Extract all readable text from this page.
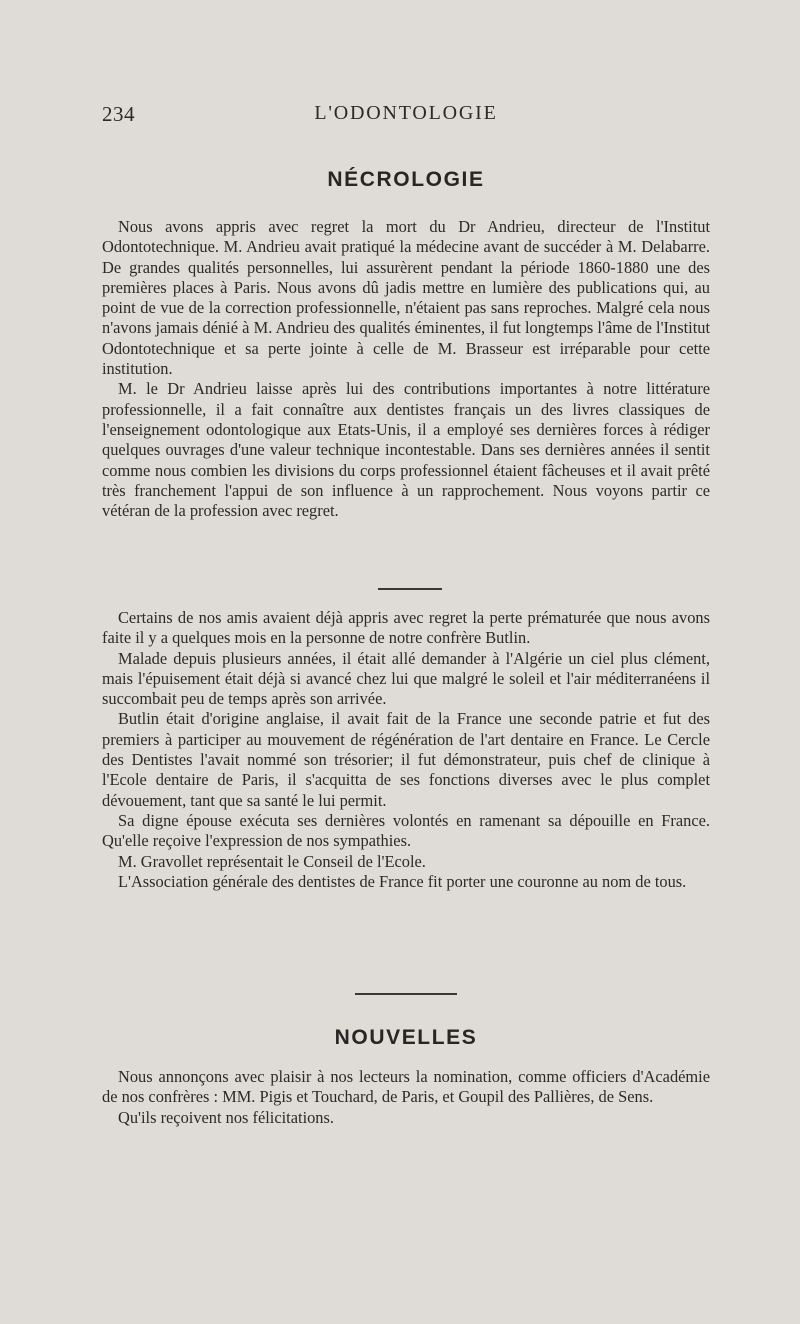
234	L'ODONTOLOGIE
NÉCROLOGIE

Nous avons appris avec regret la mort du Dr Andrieu, directeur de l'Institut Odontotechnique. M. Andrieu avait pratiqué la médecine avant de succéder à M. Delabarre. De grandes qualités personnelles, lui assurèrent pendant la période 1860-1880 une des premières places à Paris. Nous avons dû jadis mettre en lumière des publications qui, au point de vue de la correction professionnelle, n'étaient pas sans reproches. Malgré cela nous n'avons jamais dénié à M. Andrieu des qualités éminentes, il fut longtemps l'âme de l'Institut Odontotechnique et sa perte jointe à celle de M. Brasseur est irréparable pour cette institution.

M. le Dr Andrieu laisse après lui des contributions importantes à notre littérature professionnelle, il a fait connaître aux dentistes français un des livres classiques de l'enseignement odontologique aux Etats-Unis, il a employé ses dernières forces à rédiger quelques ouvrages d'une valeur technique incontestable. Dans ses dernières années il sentit comme nous combien les divisions du corps professionnel étaient fâcheuses et il avait prêté très franchement l'appui de son influence à un rapprochement. Nous voyons partir ce vétéran de la profession avec regret.

Certains de nos amis avaient déjà appris avec regret la perte prématurée que nous avons faite il y a quelques mois en la personne de notre confrère Butlin.

Malade depuis plusieurs années, il était allé demander à l'Algérie un ciel plus clément, mais l'épuisement était déjà si avancé chez lui que malgré le soleil et l'air méditerranéens il succombait peu de temps après son arrivée.

Butlin était d'origine anglaise, il avait fait de la France une seconde patrie et fut des premiers à participer au mouvement de régénération de l'art dentaire en France. Le Cercle des Dentistes l'avait nommé son trésorier; il fut démonstrateur, puis chef de clinique à l'Ecole dentaire de Paris, il s'acquitta de ses fonctions diverses avec le plus complet dévouement, tant que sa santé le lui permit.

Sa digne épouse exécuta ses dernières volontés en ramenant sa dépouille en France. Qu'elle reçoive l'expression de nos sympathies.

M. Gravollet représentait le Conseil de l'Ecole.

L'Association générale des dentistes de France fit porter une couronne au nom de tous.

NOUVELLES

Nous annonçons avec plaisir à nos lecteurs la nomination, comme officiers d'Académie de nos confrères : MM. Pigis et Touchard, de Paris, et Goupil des Pallières, de Sens.

Qu'ils reçoivent nos félicitations.
